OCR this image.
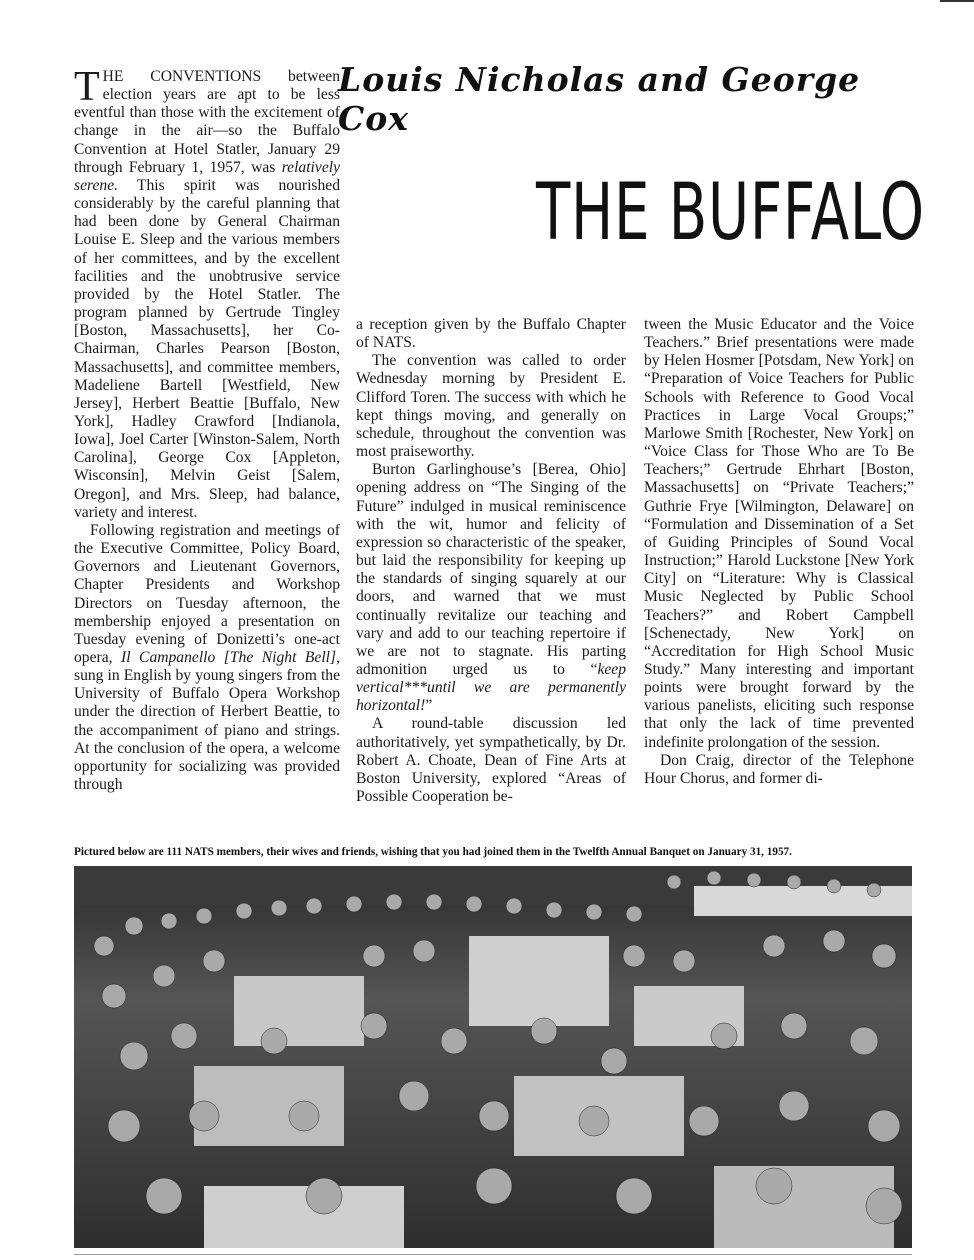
Louis Nicholas and George Cox
THE BUFFALO

THE CONVENTIONS between election years are apt to be less eventful than those with the excitement of change in the air—so the Buffalo Convention at Hotel Statler, January 29 through February 1, 1957, was relatively serene. This spirit was nourished considerably by the careful planning that had been done by General Chairman Louise E. Sleep and the various members of her committees, and by the excellent facilities and the unobtrusive service provided by the Hotel Statler. The program planned by Gertrude Tingley [Boston, Massachusetts], her Co-Chairman, Charles Pearson [Boston, Massachusetts], and committee members, Madeliene Bartell [Westfield, New Jersey], Herbert Beattie [Buffalo, New York], Hadley Crawford [Indianola, Iowa], Joel Carter [Winston-Salem, North Carolina], George Cox [Appleton, Wisconsin], Melvin Geist [Salem, Oregon], and Mrs. Sleep, had balance, variety and interest.

Following registration and meetings of the Executive Committee, Policy Board, Governors and Lieutenant Governors, Chapter Presidents and Workshop Directors on Tuesday afternoon, the membership enjoyed a presentation on Tuesday evening of Donizetti’s one-act opera, Il Campanello [The Night Bell], sung in English by young singers from the University of Buffalo Opera Workshop under the direction of Herbert Beattie, to the accompaniment of piano and strings. At the conclusion of the opera, a welcome opportunity for socializing was provided through

a reception given by the Buffalo Chapter of NATS.

The convention was called to order Wednesday morning by President E. Clifford Toren. The success with which he kept things moving, and generally on schedule, throughout the convention was most praiseworthy.

Burton Garlinghouse’s [Berea, Ohio] opening address on “The Singing of the Future” indulged in musical reminiscence with the wit, humor and felicity of expression so characteristic of the speaker, but laid the responsibility for keeping up the standards of singing squarely at our doors, and warned that we must continually revitalize our teaching and vary and add to our teaching repertoire if we are not to stagnate. His parting admonition urged us to “keep vertical***until we are permanently horizontal!”

A round-table discussion led authoritatively, yet sympathetically, by Dr. Robert A. Choate, Dean of Fine Arts at Boston University, explored “Areas of Possible Cooperation be-

tween the Music Educator and the Voice Teachers.” Brief presentations were made by Helen Hosmer [Potsdam, New York] on “Preparation of Voice Teachers for Public Schools with Reference to Good Vocal Practices in Large Vocal Groups;” Marlowe Smith [Rochester, New York] on “Voice Class for Those Who are To Be Teachers;” Gertrude Ehrhart [Boston, Massachusetts] on “Private Teachers;” Guthrie Frye [Wilmington, Delaware] on “Formulation and Dissemination of a Set of Guiding Principles of Sound Vocal Instruction;” Harold Luckstone [New York City] on “Literature: Why is Classical Music Neglected by Public School Teachers?” and Robert Campbell [Schenectady, New York] on “Accreditation for High School Music Study.” Many interesting and important points were brought forward by the various panelists, eliciting such response that only the lack of time prevented indefinite prolongation of the session.

Don Craig, director of the Telephone Hour Chorus, and former di-

Pictured below are 111 NATS members, their wives and friends, wishing that you had joined them in the Twelfth Annual Banquet on January 31, 1957.
